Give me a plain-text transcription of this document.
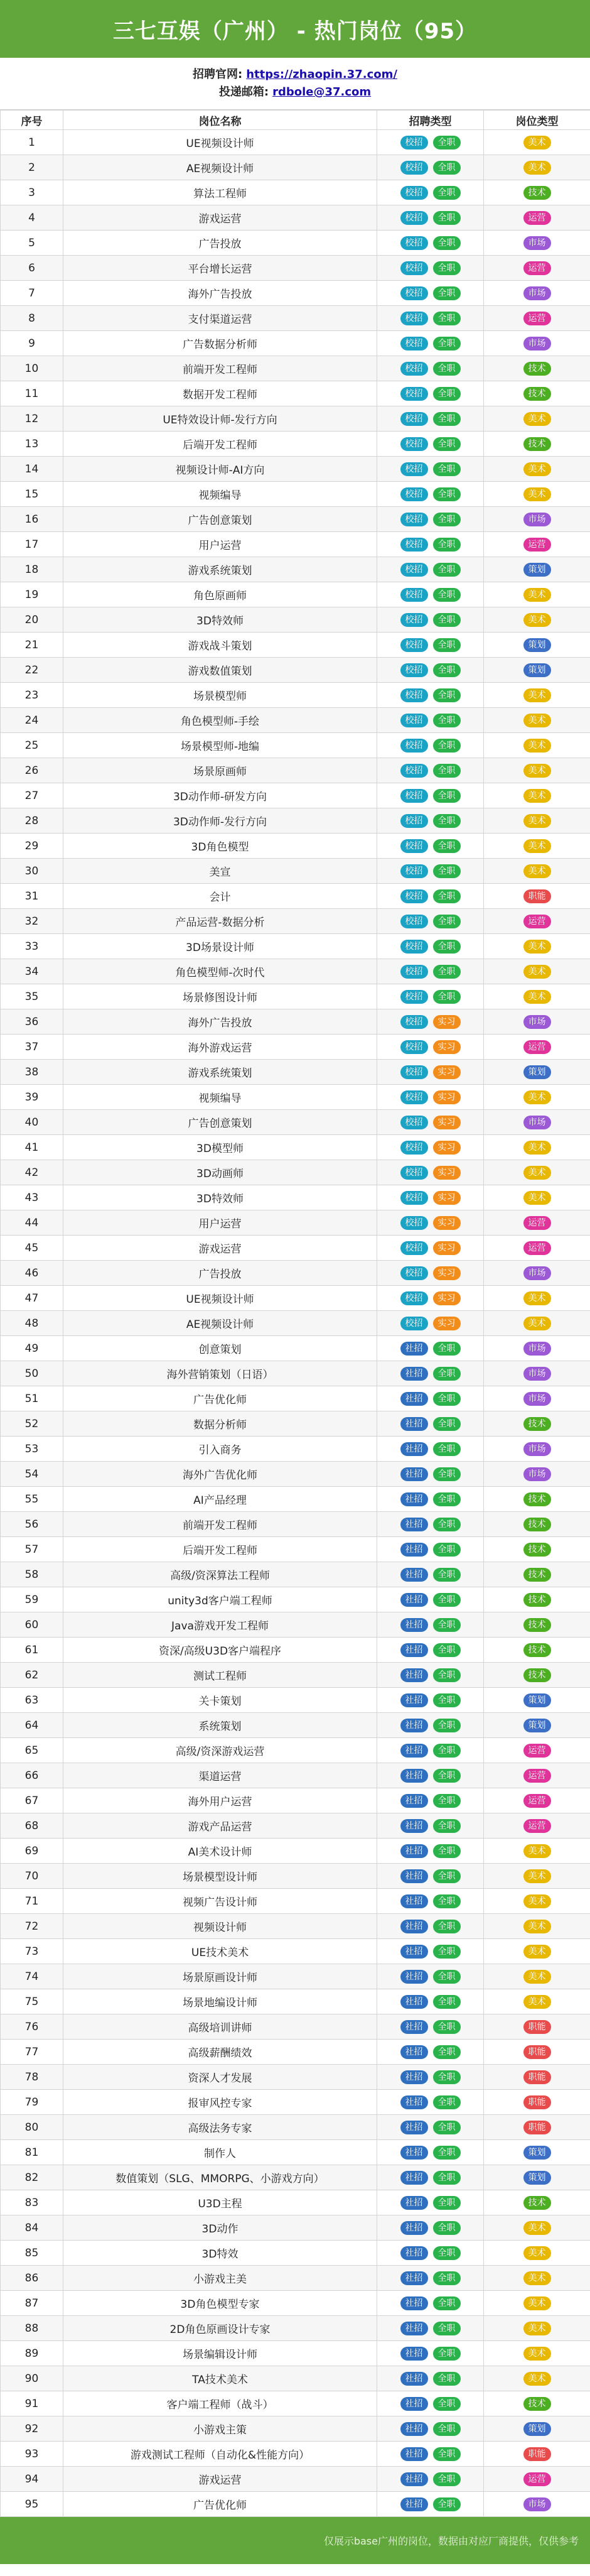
三七互娱（广州） - 热门岗位（95）
招聘官网: https://zhaopin.37.com/
投递邮箱: rdbole@37.com
序号	岗位名称	招聘类型	岗位类型
1	UE视频设计师	校招 全职	美术
2	AE视频设计师	校招 全职	美术
3	算法工程师	校招 全职	技术
4	游戏运营	校招 全职	运营
5	广告投放	校招 全职	市场
6	平台增长运营	校招 全职	运营
7	海外广告投放	校招 全职	市场
8	支付渠道运营	校招 全职	运营
9	广告数据分析师	校招 全职	市场
10	前端开发工程师	校招 全职	技术
11	数据开发工程师	校招 全职	技术
12	UE特效设计师-发行方向	校招 全职	美术
13	后端开发工程师	校招 全职	技术
14	视频设计师-AI方向	校招 全职	美术
15	视频编导	校招 全职	美术
16	广告创意策划	校招 全职	市场
17	用户运营	校招 全职	运营
18	游戏系统策划	校招 全职	策划
19	角色原画师	校招 全职	美术
20	3D特效师	校招 全职	美术
21	游戏战斗策划	校招 全职	策划
22	游戏数值策划	校招 全职	策划
23	场景模型师	校招 全职	美术
24	角色模型师-手绘	校招 全职	美术
25	场景模型师-地编	校招 全职	美术
26	场景原画师	校招 全职	美术
27	3D动作师-研发方向	校招 全职	美术
28	3D动作师-发行方向	校招 全职	美术
29	3D角色模型	校招 全职	美术
30	美宣	校招 全职	美术
31	会计	校招 全职	职能
32	产品运营-数据分析	校招 全职	运营
33	3D场景设计师	校招 全职	美术
34	角色模型师-次时代	校招 全职	美术
35	场景修图设计师	校招 全职	美术
36	海外广告投放	校招 实习	市场
37	海外游戏运营	校招 实习	运营
38	游戏系统策划	校招 实习	策划
39	视频编导	校招 实习	美术
40	广告创意策划	校招 实习	市场
41	3D模型师	校招 实习	美术
42	3D动画师	校招 实习	美术
43	3D特效师	校招 实习	美术
44	用户运营	校招 实习	运营
45	游戏运营	校招 实习	运营
46	广告投放	校招 实习	市场
47	UE视频设计师	校招 实习	美术
48	AE视频设计师	校招 实习	美术
49	创意策划	社招 全职	市场
50	海外营销策划（日语）	社招 全职	市场
51	广告优化师	社招 全职	市场
52	数据分析师	社招 全职	技术
53	引入商务	社招 全职	市场
54	海外广告优化师	社招 全职	市场
55	AI产品经理	社招 全职	技术
56	前端开发工程师	社招 全职	技术
57	后端开发工程师	社招 全职	技术
58	高级/资深算法工程师	社招 全职	技术
59	unity3d客户端工程师	社招 全职	技术
60	Java游戏开发工程师	社招 全职	技术
61	资深/高级U3D客户端程序	社招 全职	技术
62	测试工程师	社招 全职	技术
63	关卡策划	社招 全职	策划
64	系统策划	社招 全职	策划
65	高级/资深游戏运营	社招 全职	运营
66	渠道运营	社招 全职	运营
67	海外用户运营	社招 全职	运营
68	游戏产品运营	社招 全职	运营
69	AI美术设计师	社招 全职	美术
70	场景模型设计师	社招 全职	美术
71	视频广告设计师	社招 全职	美术
72	视频设计师	社招 全职	美术
73	UE技术美术	社招 全职	美术
74	场景原画设计师	社招 全职	美术
75	场景地编设计师	社招 全职	美术
76	高级培训讲师	社招 全职	职能
77	高级薪酬绩效	社招 全职	职能
78	资深人才发展	社招 全职	职能
79	报审风控专家	社招 全职	职能
80	高级法务专家	社招 全职	职能
81	制作人	社招 全职	策划
82	数值策划（SLG、MMORPG、小游戏方向）	社招 全职	策划
83	U3D主程	社招 全职	技术
84	3D动作	社招 全职	美术
85	3D特效	社招 全职	美术
86	小游戏主美	社招 全职	美术
87	3D角色模型专家	社招 全职	美术
88	2D角色原画设计专家	社招 全职	美术
89	场景编辑设计师	社招 全职	美术
90	TA技术美术	社招 全职	美术
91	客户端工程师（战斗）	社招 全职	技术
92	小游戏主策	社招 全职	策划
93	游戏测试工程师（自动化&性能方向）	社招 全职	职能
94	游戏运营	社招 全职	运营
95	广告优化师	社招 全职	市场
仅展示base广州的岗位，数据由对应厂商提供，仅供参考
